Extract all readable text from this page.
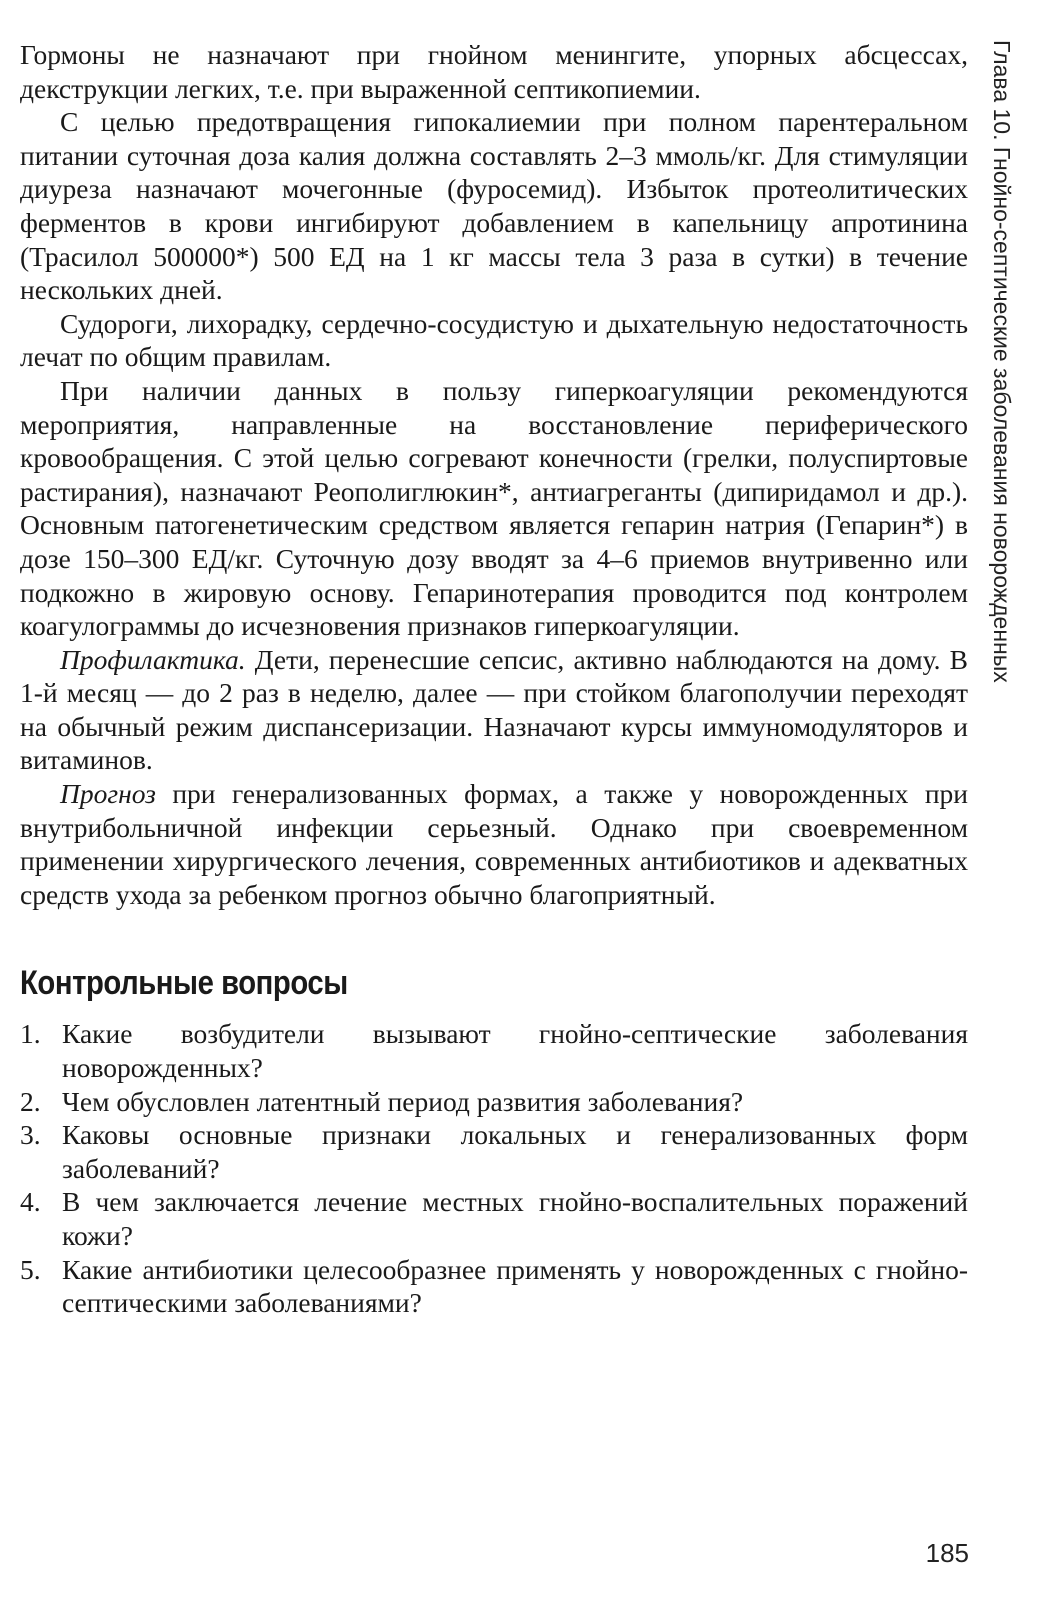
Глава 10. Гнойно-септические заболевания новорожденных

Гормоны не назначают при гнойном менингите, упорных абсцессах, декструкции легких, т.е. при выраженной септикопиемии.

С целью предотвращения гипокалиемии при полном парентеральном питании суточная доза калия должна составлять 2–3 ммоль/кг. Для стимуляции диуреза назначают мочегонные (фуросемид). Избыток протеолитических ферментов в крови ингибируют добавлением в капельницу апротинина (Трасилол 500000*) 500 ЕД на 1 кг массы тела 3 раза в сутки) в течение нескольких дней.

Судороги, лихорадку, сердечно-сосудистую и дыхательную недостаточность лечат по общим правилам.

При наличии данных в пользу гиперкоагуляции рекомендуются мероприятия, направленные на восстановление периферического кровообращения. С этой целью согревают конечности (грелки, полуспиртовые растирания), назначают Реополиглюкин*, антиагреганты (дипиридамол и др.). Основным патогенетическим средством является гепарин натрия (Гепарин*) в дозе 150–300 ЕД/кг. Суточную дозу вводят за 4–6 приемов внутривенно или подкожно в жировую основу. Гепаринотерапия проводится под контролем коагулограммы до исчезновения признаков гиперкоагуляции.

Профилактика. Дети, перенесшие сепсис, активно наблюдаются на дому. В 1-й месяц — до 2 раз в неделю, далее — при стойком благополучии переходят на обычный режим диспансеризации. Назначают курсы иммуномодуляторов и витаминов.

Прогноз при генерализованных формах, а также у новорожденных при внутрибольничной инфекции серьезный. Однако при своевременном применении хирургического лечения, современных антибиотиков и адекватных средств ухода за ребенком прогноз обычно благоприятный.

Контрольные вопросы
1. Какие возбудители вызывают гнойно-септические заболевания новорожденных?
2. Чем обусловлен латентный период развития заболевания?
3. Каковы основные признаки локальных и генерализованных форм заболеваний?
4. В чем заключается лечение местных гнойно-воспалительных поражений кожи?
5. Какие антибиотики целесообразнее применять у новорожденных с гнойно-септическими заболеваниями?
185
